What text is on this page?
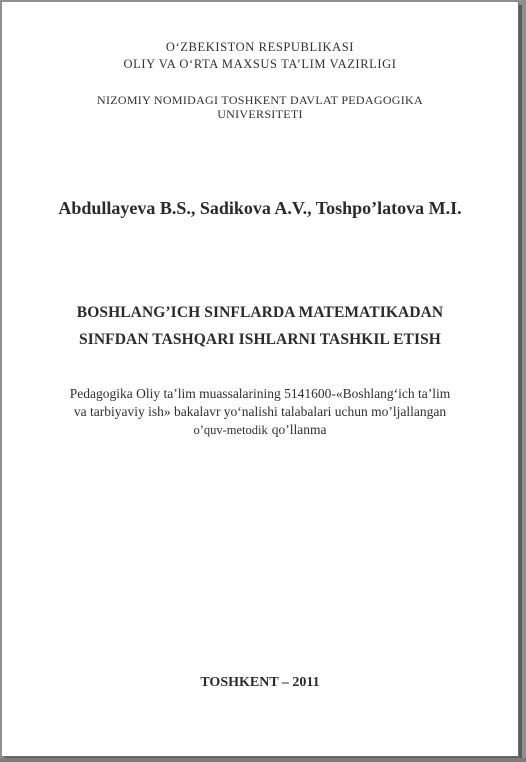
O‘ZBEKISTON RESPUBLIKASI
OLIY VA O‘RTA MAXSUS TA’LIM VAZIRLIGI
NIZOMIY NOMIDAGI TOSHKENT DAVLAT PEDAGOGIKA
UNIVERSITETI
Abdullayeva B.S., Sadikova A.V., Toshpo’latova M.I.
BOSHLANG’ICH SINFLARDA MATEMATIKADAN
SINFDAN TASHQARI ISHLARNI TASHKIL ETISH
Pedagogika Oliy ta’lim muassalarining 5141600-«Boshlang‘ich ta’lim
va tarbiyaviy ish» bakalavr yo‘nalishi talabalari uchun mo’ljallangan
o’quv-metodik qo’llanma
TOSHKENT – 2011
